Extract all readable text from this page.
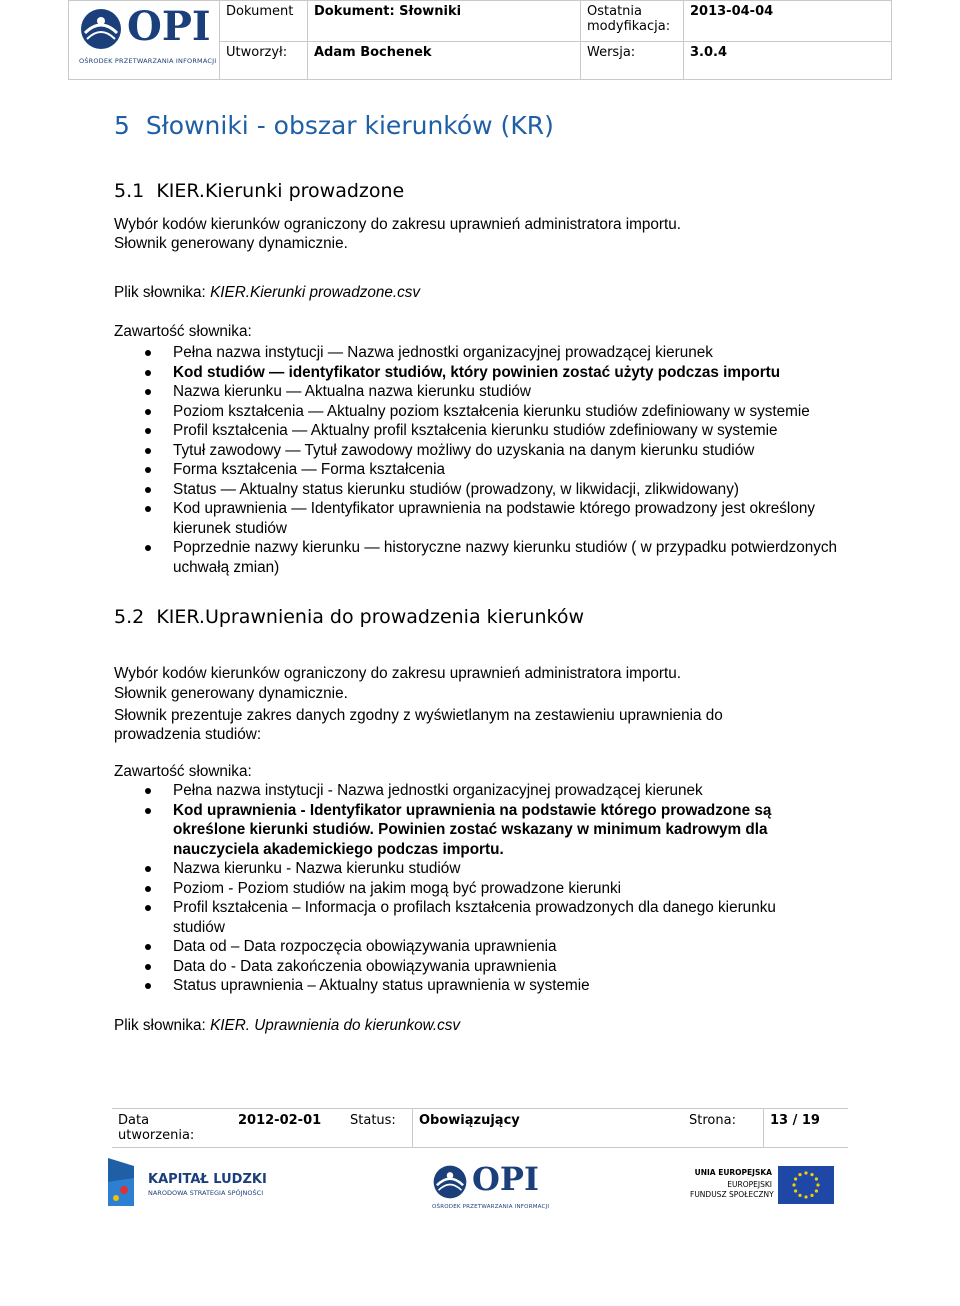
OPI
OŚRODEK PRZETWARZANIA INFORMACJI	Dokument	Dokument: Słowniki	Ostatnia modyfikacja:	2013-04-04
	Utworzył:	Adam Bochenek	Wersja:	3.0.4
5 Słowniki - obszar kierunków (KR)
5.1 KIER.Kierunki prowadzone

Wybór kodów kierunków ograniczony do zakresu uprawnień administratora importu.

Słownik generowany dynamicznie.

Plik słownika: KIER.Kierunki prowadzone.csv

Zawartość słownika:

Pełna nazwa instytucji — Nazwa jednostki organizacyjnej prowadzącej kierunek
Kod studiów — identyfikator studiów, który powinien zostać użyty podczas importu
Nazwa kierunku — Aktualna nazwa kierunku studiów
Poziom kształcenia — Aktualny poziom kształcenia kierunku studiów zdefiniowany w systemie
Profil kształcenia — Aktualny profil kształcenia kierunku studiów zdefiniowany w systemie
Tytuł zawodowy — Tytuł zawodowy możliwy do uzyskania na danym kierunku studiów
Forma kształcenia — Forma kształcenia
Status — Aktualny status kierunku studiów (prowadzony, w likwidacji, zlikwidowany)
Kod uprawnienia — Identyfikator uprawnienia na podstawie którego prowadzony jest określony kierunek studiów
Poprzednie nazwy kierunku — historyczne nazwy kierunku studiów ( w przypadku potwierdzonych uchwałą zmian)
5.2 KIER.Uprawnienia do prowadzenia kierunków

Wybór kodów kierunków ograniczony do zakresu uprawnień administratora importu.

Słownik generowany dynamicznie.

Słownik prezentuje zakres danych zgodny z wyświetlanym na zestawieniu uprawnienia do prowadzenia studiów:

Zawartość słownika:

Pełna nazwa instytucji - Nazwa jednostki organizacyjnej prowadzącej kierunek
Kod uprawnienia - Identyfikator uprawnienia na podstawie którego prowadzone są określone kierunki studiów. Powinien zostać wskazany w minimum kadrowym dla nauczyciela akademickiego podczas importu.
Nazwa kierunku - Nazwa kierunku studiów
Poziom - Poziom studiów na jakim mogą być prowadzone kierunki
Profil kształcenia – Informacja o profilach kształcenia prowadzonych dla danego kierunku studiów
Data od – Data rozpoczęcia obowiązywania uprawnienia
Data do - Data zakończenia obowiązywania uprawnienia
Status uprawnienia – Aktualny status uprawnienia w systemie

Plik słownika: KIER. Uprawnienia do kierunkow.csv

Data utworzenia:	2012-02-01	Status:	Obowiązujący	Strona:	13 / 19
KAPITAŁ LUDZKI
NARODOWA STRATEGIA SPÓJNOŚCI	OPI
OŚRODEK PRZETWARZANIA INFORMACJI
UNIA EUROPEJSKA
EUROPEJSKI
FUNDUSZ SPOŁECZNY
